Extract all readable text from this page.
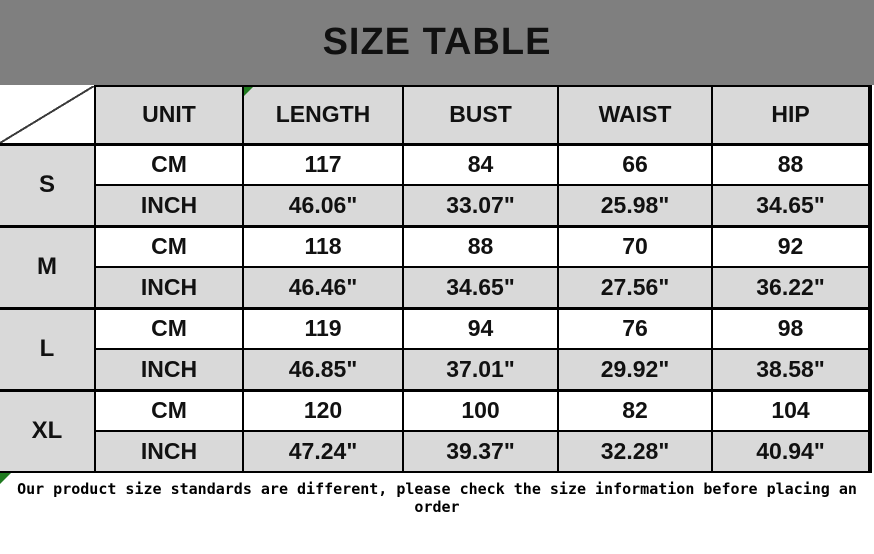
SIZE TABLE
	UNIT	LENGTH	BUST	WAIST	HIP
S	CM	117	84	66	88
	INCH	46.06"	33.07"	25.98"	34.65"
M	CM	118	88	70	92
	INCH	46.46"	34.65"	27.56"	36.22"
L	CM	119	94	76	98
	INCH	46.85"	37.01"	29.92"	38.58"
XL	CM	120	100	82	104
	INCH	47.24"	39.37"	32.28"	40.94"

Our product size standards are different, please check the size information before placing an order
